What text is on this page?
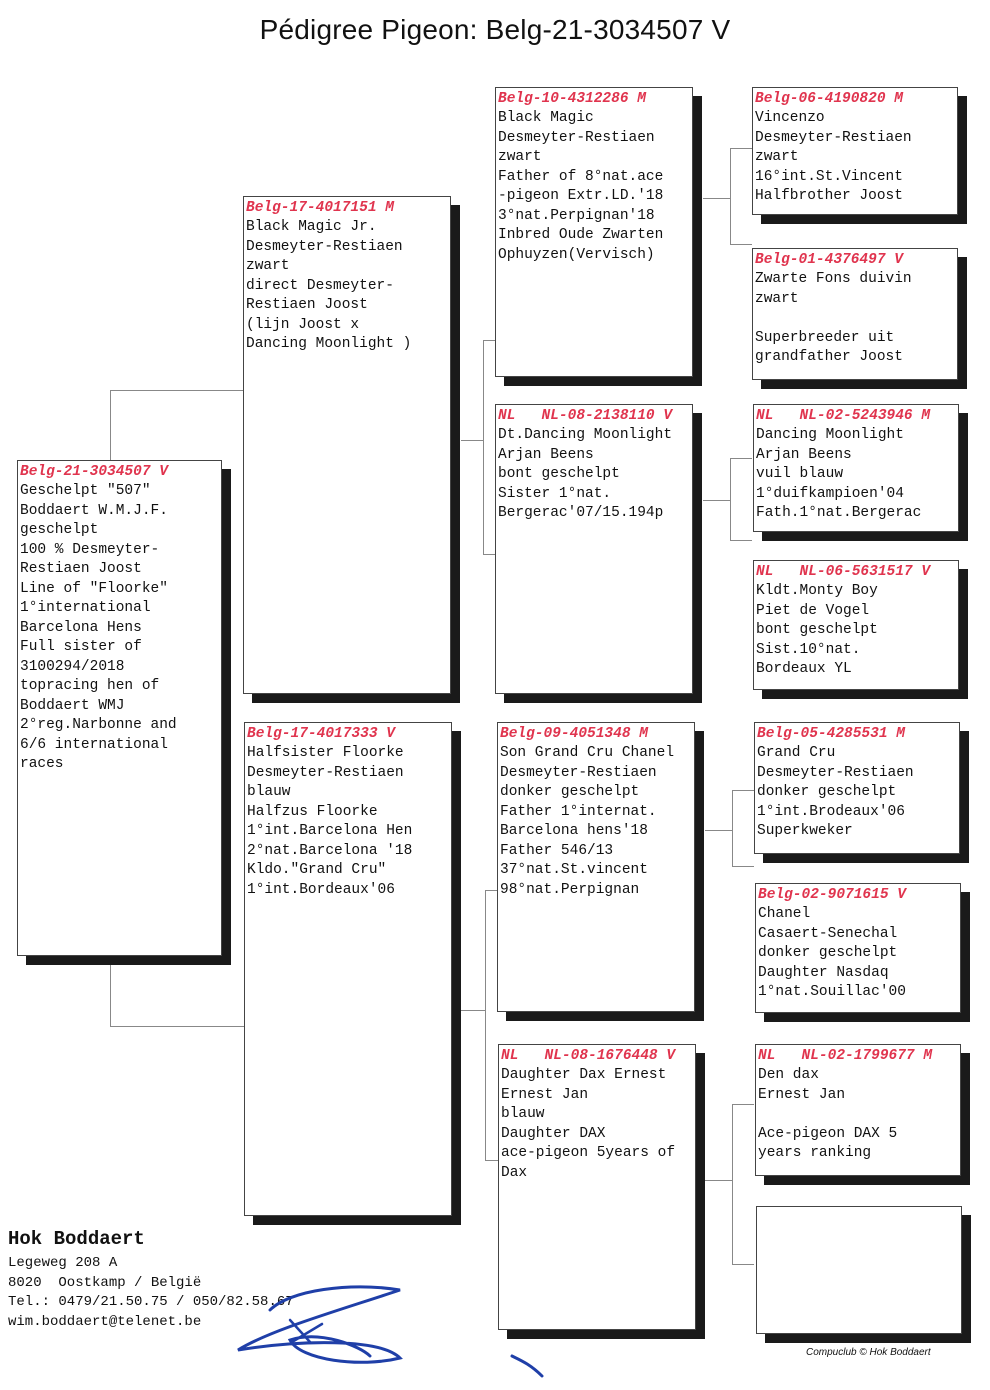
Pédigree Pigeon: Belg-21-3034507 V
Belg-21-3034507 V
Geschelpt "507"
Boddaert W.M.J.F.
geschelpt
100 % Desmeyter-
Restiaen Joost
Line of "Floorke"
1°international
Barcelona Hens
Full sister of
3100294/2018
topracing hen of
Boddaert WMJ
2°reg.Narbonne and
6/6 international
races
Belg-17-4017151 M
Black Magic Jr.
Desmeyter-Restiaen
zwart
direct Desmeyter-
Restiaen Joost
(lijn Joost x
Dancing Moonlight )
Belg-17-4017333 V
Halfsister Floorke
Desmeyter-Restiaen
blauw
Halfzus Floorke
1°int.Barcelona Hen
2°nat.Barcelona '18
Kldo."Grand Cru"
1°int.Bordeaux'06
Belg-10-4312286 M
Black Magic
Desmeyter-Restiaen
zwart
Father of 8°nat.ace
-pigeon Extr.LD.'18
3°nat.Perpignan'18
Inbred Oude Zwarten
Ophuyzen(Vervisch)
NL   NL-08-2138110 V
Dt.Dancing Moonlight
Arjan Beens
bont geschelpt
Sister 1°nat.
Bergerac'07/15.194p
Belg-09-4051348 M
Son Grand Cru Chanel
Desmeyter-Restiaen
donker geschelpt
Father 1°internat.
Barcelona hens'18
Father 546/13
37°nat.St.vincent
98°nat.Perpignan
NL   NL-08-1676448 V
Daughter Dax Ernest
Ernest Jan
blauw
Daughter DAX
ace-pigeon 5years of
Dax
Belg-06-4190820 M
Vincenzo
Desmeyter-Restiaen
zwart
16°int.St.Vincent
Halfbrother Joost
Belg-01-4376497 V
Zwarte Fons duivin
zwart
Superbreeder uit
grandfather Joost
NL   NL-02-5243946 M
Dancing Moonlight
Arjan Beens
vuil blauw
1°duifkampioen'04
Fath.1°nat.Bergerac
NL   NL-06-5631517 V
Kldt.Monty Boy
Piet de Vogel
bont geschelpt
Sist.10°nat.
Bordeaux YL
Belg-05-4285531 M
Grand Cru
Desmeyter-Restiaen
donker geschelpt
1°int.Brodeaux'06
Superkweker
Belg-02-9071615 V
Chanel
Casaert-Senechal
donker geschelpt
Daughter Nasdaq
1°nat.Souillac'00
NL   NL-02-1799677 M
Den dax
Ernest Jan
Ace-pigeon DAX 5
years ranking
Hok Boddaert
Legeweg 208 A
8020  Oostkamp / België
Tel.: 0479/21.50.75 / 050/82.58.67
wim.boddaert@telenet.be
Compuclub © Hok Boddaert
